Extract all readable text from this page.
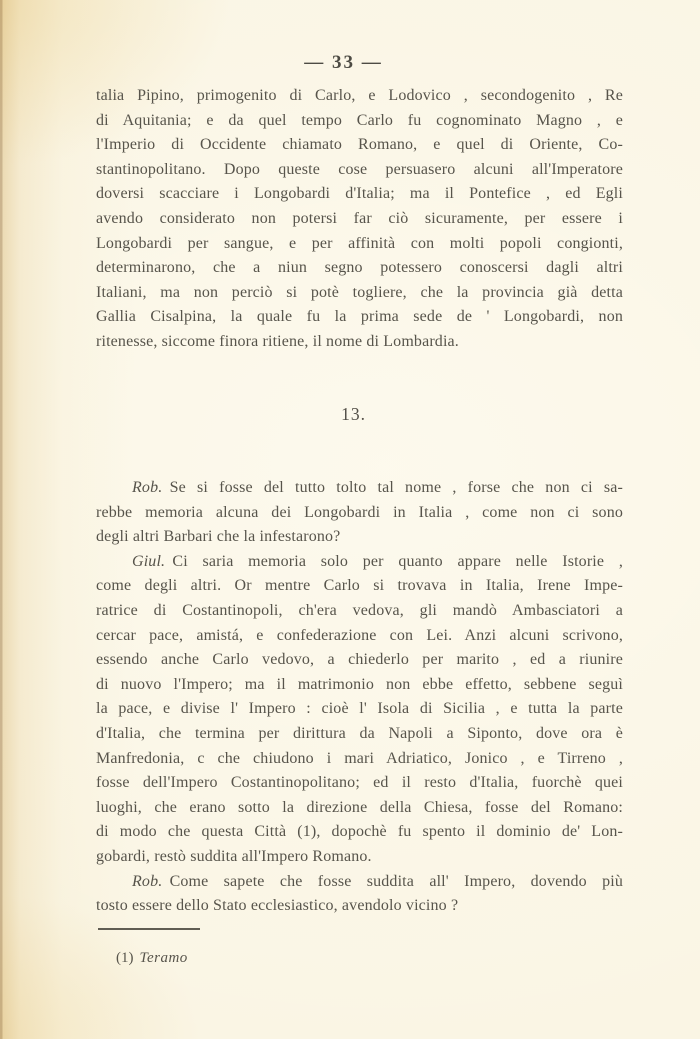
— 33 —
talia Pipino, primogenito di Carlo, e Lodovico , secondogenito , Re
di Aquitania; e da quel tempo Carlo fu cognominato Magno , e
l'Imperio di Occidente chiamato Romano, e quel di Oriente, Co-
stantinopolitano. Dopo queste cose persuasero alcuni all'Imperatore
doversi scacciare i Longobardi d'Italia; ma il Pontefice , ed Egli
avendo considerato non potersi far ciò sicuramente, per essere i
Longobardi per sangue, e per affinità con molti popoli congionti,
determinarono, che a niun segno potessero conoscersi dagli altri
Italiani, ma non perciò si potè togliere, che la provincia già detta
Gallia Cisalpina, la quale fu la prima sede de ' Longobardi, non
ritenesse, siccome finora ritiene, il nome di Lombardia.
13.
Rob. Se si fosse del tutto tolto tal nome , forse che non ci sa-
rebbe memoria alcuna dei Longobardi in Italia , come non ci sono
degli altri Barbari che la infestarono?
Giul. Ci saria memoria solo per quanto appare nelle Istorie ,
come degli altri. Or mentre Carlo si trovava in Italia, Irene Impe-
ratrice di Costantinopoli, ch'era vedova, gli mandò Ambasciatori a
cercar pace, amistá, e confederazione con Lei. Anzi alcuni scrivono,
essendo anche Carlo vedovo, a chiederlo per marito , ed a riunire
di nuovo l'Impero; ma il matrimonio non ebbe effetto, sebbene seguì
la pace, e divise l' Impero : cioè l' Isola di Sicilia , e tutta la parte
d'Italia, che termina per dirittura da Napoli a Siponto, dove ora è
Manfredonia, c che chiudono i mari Adriatico, Jonico , e Tirreno ,
fosse dell'Impero Costantinopolitano; ed il resto d'Italia, fuorchè quei
luoghi, che erano sotto la direzione della Chiesa, fosse del Romano:
di modo che questa Città (1), dopochè fu spento il dominio de' Lon-
gobardi, restò suddita all'Impero Romano.
Rob. Come sapete che fosse suddita all' Impero, dovendo più
tosto essere dello Stato ecclesiastico, avendolo vicino ?
(1) Teramo
